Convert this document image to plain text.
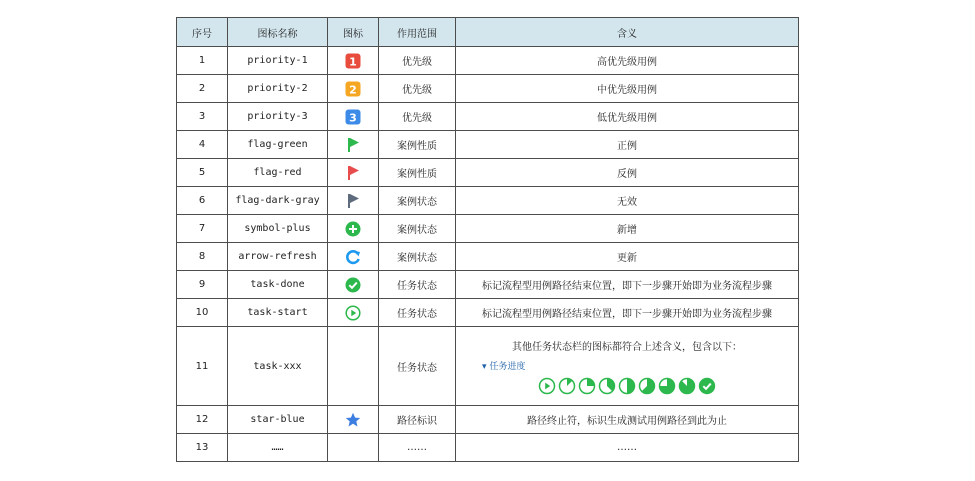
序号	图标名称	图标	作用范围	含义
1	priority-1	1	优先级	高优先级用例
2	priority-2	2	优先级	中优先级用例
3	priority-3	3	优先级	低优先级用例
4	flag-green		案例性质	正例
5	flag-red		案例性质	反例
6	flag-dark-gray		案例状态	无效
7	symbol-plus		案例状态	新增
8	arrow-refresh		案例状态	更新
9	task-done		任务状态	标记流程型用例路径结束位置，即下一步骤开始即为业务流程步骤
10	task-start		任务状态	标记流程型用例路径结束位置，即下一步骤开始即为业务流程步骤
11	task-xxx		任务状态	其他任务状态栏的图标都符合上述含义，包含以下：
▾ 任务进度

12	star-blue		路径标识	路径终止符，标识生成测试用例路径到此为止
13	……		……	……
